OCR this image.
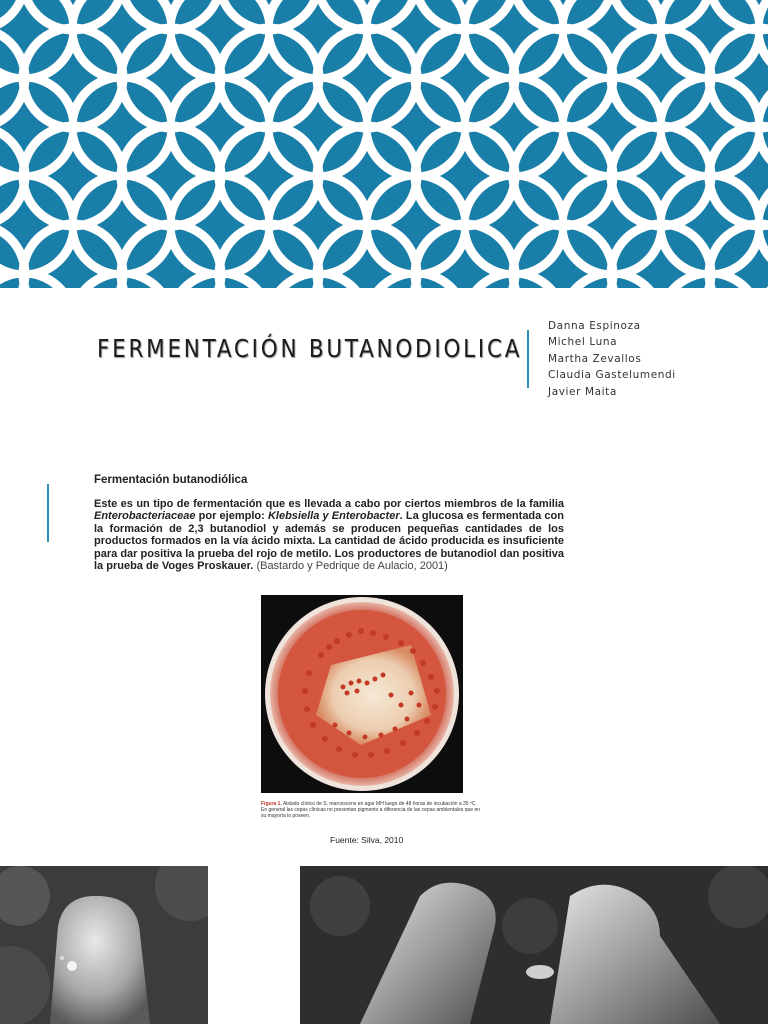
FERMENTACIÓN BUTANODIOLICA
Danna Espinoza
Michel Luna
Martha Zevallos
Claudia Gastelumendi
Javier Maita
Fermentación butanodiólica
Este es un tipo de fermentación que es llevada a cabo por ciertos miembros de la familia Enterobacteriaceae por ejemplo: Klebsiella y Enterobacter. La glucosa es fermentada con la formación de 2,3 butanodiol y además se producen pequeñas cantidades de los productos formados en la vía ácido mixta. La cantidad de ácido producida es insuficiente para dar positiva la prueba del rojo de metilo. Los productores de butanodiol dan positiva la prueba de Voges Proskauer. (Bastardo y Pedrique de Aulacio, 2001)
Figura 1. Aislado clínico de S. marcescens en agar MH luego de 48 horas de incubación a 35 ºC. En general las cepas clínicas no presentan pigmento a diferencia de las cepas ambientales que en su mayoría lo poseen.
Fuente: Silva, 2010
